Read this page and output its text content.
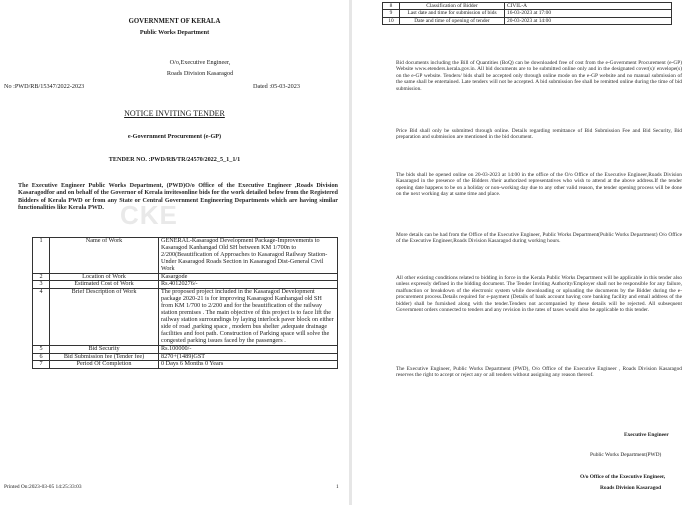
CKE
GOVERNMENT OF KERALA
Public Works Department
O/o,Executive Engineer,
Roads Division Kasaragod
No :PWD/RB/15347/2022-2023	Dated :05-03-2023
NOTICE INVITING TENDER
e-Government Procurement (e-GP)
TENDER NO. :PWD/RB/TR/24570/2022_5_1_1/1
The Executive Engineer Public Works Department, (PWD)O/o Office of the Executive Engineer ,Roads Division Kasaragodfor and on behalf of the Governor of Kerala invitesonline bids for the work detailed below from the Registered Bidders of Kerala PWD or from any State or Central Government Engineering Departments which are having similar functionalities like Kerala PWD.
1	Name of Work	GENERAL-Kasaragod Development Package-Improvements to Kasaragod Kanhangad Old SH between KM 1/700n to 2/200(Beautification of Approaches to Kasaragod Railway Station-Under Kasaragod Roads Section in Kasaragod Dist-General Civil Work
2	Location of Work	Kasargode
3	Estimated Cost of Work	Rs.40120276/-
4	Brief Description of Work	The proposed project included in the Kasaragod Development package 2020-21 is for improving Kasaragod Kanhangad old SH from KM 1/700 to 2/200 and for the beautification of the railway station premises . The main objective of this project is to face lift the railway station surroundings by laying interlock paver block on either side of road ,parking space , modern bus shelter ,adequate drainage facilities and foot path. Construction of Parking space will solve the congested parking issues faced by the passengers .
5	Bid Security	Rs.100000/-
6	Bid Submission fee (Tender fee)	8270+(1489)GST
7	Period Of Completion	0 Days 6 Months 0 Years
Printed On:2023-03-05 14:25:33:03	1
8	Classification of Bidder	CIVIL-A
9	Last date and time for submission of bids	16-03-2023 at 17:00
10	Date and time of opening of tender	20-03-2023 at 14:00
Bid documents including the Bill of Quantities (BoQ) can be downloaded free of cost from the e-Government Procurement (e-GP) Website www.etenders.kerala.gov.in. All bid documents are to be submitted online only and in the designated cover(s)/ envelope(s) on the e-GP website. Tenders/ bids shall be accepted only through online mode on the e-GP website and no manual submission of the same shall be entertained. Late tenders will not be accepted. A bid submission fee shall be remitted online during the time of bid submission.
Price Bid shall only be submitted through online. Details regarding remittance of Bid Submission Fee and Bid Security, Bid preparation and submission are mentioned in the bid document.
The bids shall be opened online on 20-03-2023 at 14:00 in the office of the O/o Office of the Executive Engineer,Roads Division Kasaragod in the presence of the Bidders /their authorized representatives who wish to attend at the above address.If the tender opening date happens to be on a holiday or non-working day due to any other valid reason, the tender opening process will be done on the next working day at same time and place.
More details can be had from the Office of the Executive Engineer, Public Works Department(Public Works Department) O/o Office of the Executive Engineer,Roads Division Kasaragod during working hours.
All other existing conditions related to bidding in force in the Kerala Public Works Department will be applicable in this tender also unless expressly defined in the bidding document. The Tender Inviting Authority/Employer shall not be responsible for any failure, malfunction or breakdown of the electronic system while downloading or uploading the documents by the Bidder during the e-procurement process.Details required for e-payment (Details of bank account having core banking facility and email address of the bidder) shall be furnished along with the tender.Tenders not accompanied by these details will be rejected. All subsequent Government orders connected to tenders and any revision in the rates of taxes would also be applicable to this tender.
The Executive Engineer, Public Works Department (PWD), O/o Office of the Executive Engineer , Roads Division Kasaragod reserves the right to accept or reject any or all tenders without assigning any reason thereof.
Executive Engineer
Public Works Department(PWD)
O/o Office of the Executive Engineer,
Roads Division Kasaragod
